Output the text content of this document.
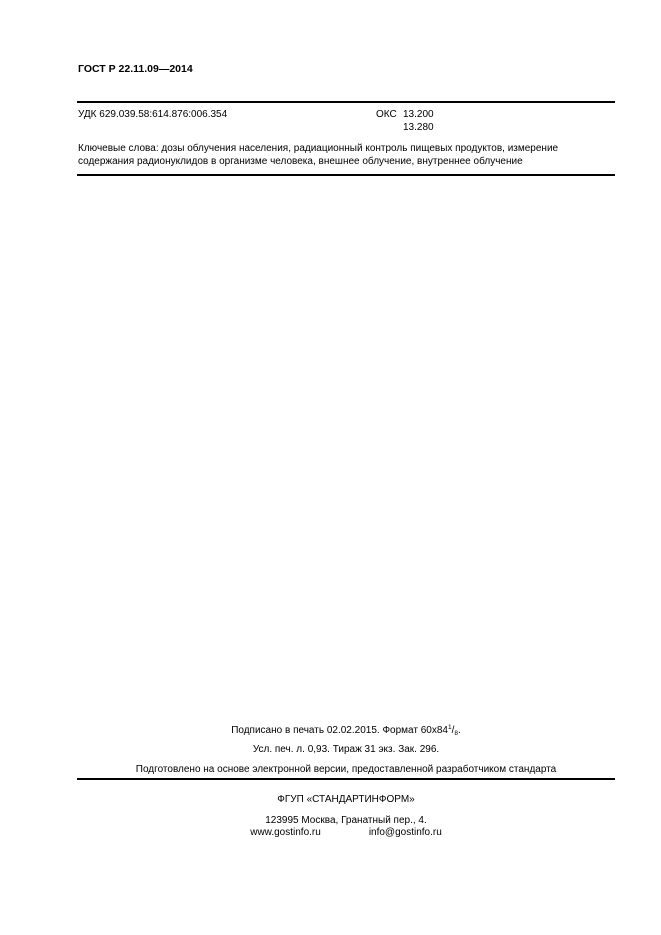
ГОСТ Р 22.11.09—2014
УДК 629.039.58:614.876:006.354	ОКС 13.200
13.280
Ключевые слова: дозы облучения населения, радиационный контроль пищевых продуктов, измерение содержания радионуклидов в организме человека, внешнее облучение, внутреннее облучение
Подписано в печать 02.02.2015. Формат $60x84^1/_8$.
Усл. печ. л. 0,93. Тираж 31 экз. Зак. 296.
Подготовлено на основе электронной версии, предоставленной разработчиком стандарта
ФГУП «СТАНДАРТИНФОРМ»
123995 Москва, Гранатный пер., 4.
www.gostinfo.ru	info@gostinfo.ru
